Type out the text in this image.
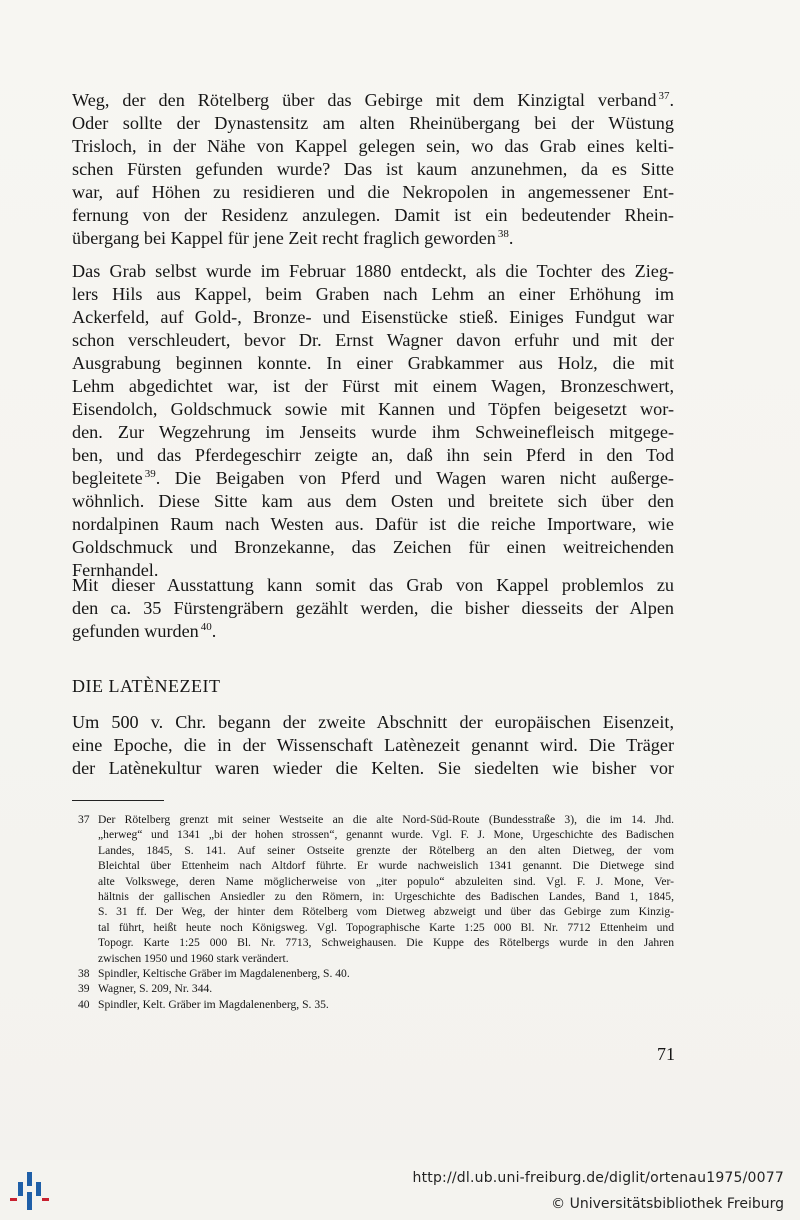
Weg, der den Rötelberg über das Gebirge mit dem Kinzigtal verband $^{37}$.
Oder sollte der Dynastensitz am alten Rheinübergang bei der Wüstung
Trisloch, in der Nähe von Kappel gelegen sein, wo das Grab eines kelti-
schen Fürsten gefunden wurde? Das ist kaum anzunehmen, da es Sitte
war, auf Höhen zu residieren und die Nekropolen in angemessener Ent-
fernung von der Residenz anzulegen. Damit ist ein bedeutender Rhein-
übergang bei Kappel für jene Zeit recht fraglich geworden $^{38}$.
Das Grab selbst wurde im Februar 1880 entdeckt, als die Tochter des Zieg-
lers Hils aus Kappel, beim Graben nach Lehm an einer Erhöhung im
Ackerfeld, auf Gold-, Bronze- und Eisenstücke stieß. Einiges Fundgut war
schon verschleudert, bevor Dr. Ernst Wagner davon erfuhr und mit der
Ausgrabung beginnen konnte. In einer Grabkammer aus Holz, die mit
Lehm abgedichtet war, ist der Fürst mit einem Wagen, Bronzeschwert,
Eisendolch, Goldschmuck sowie mit Kannen und Töpfen beigesetzt wor-
den. Zur Wegzehrung im Jenseits wurde ihm Schweinefleisch mitgege-
ben, und das Pferdegeschirr zeigte an, daß ihn sein Pferd in den Tod
begleitete $^{39}$. Die Beigaben von Pferd und Wagen waren nicht außerge-
wöhnlich. Diese Sitte kam aus dem Osten und breitete sich über den
nordalpinen Raum nach Westen aus. Dafür ist die reiche Importware, wie
Goldschmuck und Bronzekanne, das Zeichen für einen weitreichenden
Fernhandel.
Mit dieser Ausstattung kann somit das Grab von Kappel problemlos zu
den ca. 35 Fürstengräbern gezählt werden, die bisher diesseits der Alpen
gefunden wurden $^{40}$.
DIE LATÈNEZEIT
Um 500 v. Chr. begann der zweite Abschnitt der europäischen Eisenzeit,
eine Epoche, die in der Wissenschaft Latènezeit genannt wird. Die Träger
der Latènekultur waren wieder die Kelten. Sie siedelten wie bisher vor
37 Der Rötelberg grenzt mit seiner Westseite an die alte Nord-Süd-Route (Bundesstraße 3), die im 14. Jhd.
„herweg“ und 1341 „bi der hohen strossen“, genannt wurde. Vgl. F. J. Mone, Urgeschichte des Badischen
Landes, 1845, S. 141. Auf seiner Ostseite grenzte der Rötelberg an den alten Dietweg, der vom
Bleichtal über Ettenheim nach Altdorf führte. Er wurde nachweislich 1341 genannt. Die Dietwege sind
alte Volkswege, deren Name möglicherweise von „iter populo“ abzuleiten sind. Vgl. F. J. Mone, Ver-
hältnis der gallischen Ansiedler zu den Römern, in: Urgeschichte des Badischen Landes, Band 1, 1845,
S. 31 ff. Der Weg, der hinter dem Rötelberg vom Dietweg abzweigt und über das Gebirge zum Kinzig-
tal führt, heißt heute noch Königsweg. Vgl. Topographische Karte 1:25 000 Bl. Nr. 7712 Ettenheim und
Topogr. Karte 1:25 000 Bl. Nr. 7713, Schweighausen. Die Kuppe des Rötelbergs wurde in den Jahren
zwischen 1950 und 1960 stark verändert.
38 Spindler, Keltische Gräber im Magdalenenberg, S. 40.
39 Wagner, S. 209, Nr. 344.
40 Spindler, Kelt. Gräber im Magdalenenberg, S. 35.
71
http://dl.ub.uni-freiburg.de/diglit/ortenau1975/0077
© Universitätsbibliothek Freiburg
